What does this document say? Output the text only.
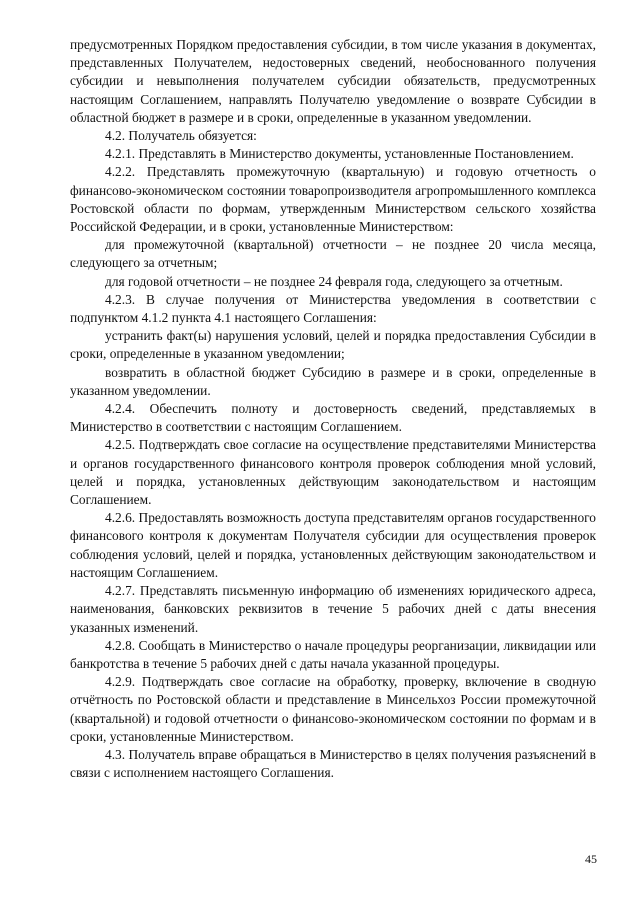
предусмотренных Порядком предоставления субсидии, в том числе указания в документах, представленных Получателем, недостоверных сведений, необоснованного получения субсидии и невыполнения получателем субсидии обязательств, предусмотренных настоящим Соглашением, направлять Получателю уведомление о возврате Субсидии в областной бюджет в размере и в сроки, определенные в указанном уведомлении.

4.2. Получатель обязуется:

4.2.1. Представлять в Министерство документы, установленные Постановлением.

4.2.2. Представлять промежуточную (квартальную) и годовую отчетность о финансово-экономическом состоянии товаропроизводителя агропромышленного комплекса Ростовской области по формам, утвержденным Министерством сельского хозяйства Российской Федерации, и в сроки, установленные Министерством:

для промежуточной (квартальной) отчетности – не позднее 20 числа месяца, следующего за отчетным;

для годовой отчетности – не позднее 24 февраля года, следующего за отчетным.

4.2.3. В случае получения от Министерства уведомления в соответствии с подпунктом 4.1.2 пункта 4.1 настоящего Соглашения:

устранить факт(ы) нарушения условий, целей и порядка предоставления Субсидии в сроки, определенные в указанном уведомлении;

возвратить в областной бюджет Субсидию в размере и в сроки, определенные в указанном уведомлении.

4.2.4. Обеспечить полноту и достоверность сведений, представляемых в Министерство в соответствии с настоящим Соглашением.

4.2.5. Подтверждать свое согласие на осуществление представителями Министерства и органов государственного финансового контроля проверок соблюдения мной условий, целей и порядка, установленных действующим законодательством и настоящим Соглашением.

4.2.6. Предоставлять возможность доступа представителям органов государственного финансового контроля к документам Получателя субсидии для осуществления проверок соблюдения условий, целей и порядка, установленных действующим законодательством и настоящим Соглашением.

4.2.7. Представлять письменную информацию об изменениях юридического адреса, наименования, банковских реквизитов в течение 5 рабочих дней с даты внесения указанных изменений.

4.2.8. Сообщать в Министерство о начале процедуры реорганизации, ликвидации или банкротства в течение 5 рабочих дней с даты начала указанной процедуры.

4.2.9. Подтверждать свое согласие на обработку, проверку, включение в сводную отчётность по Ростовской области и представление в Минсельхоз России промежуточной (квартальной) и годовой отчетности о финансово-экономическом состоянии по формам и в сроки, установленные Министерством.

4.3. Получатель вправе обращаться в Министерство в целях получения разъяснений в связи с исполнением настоящего Соглашения.

45
